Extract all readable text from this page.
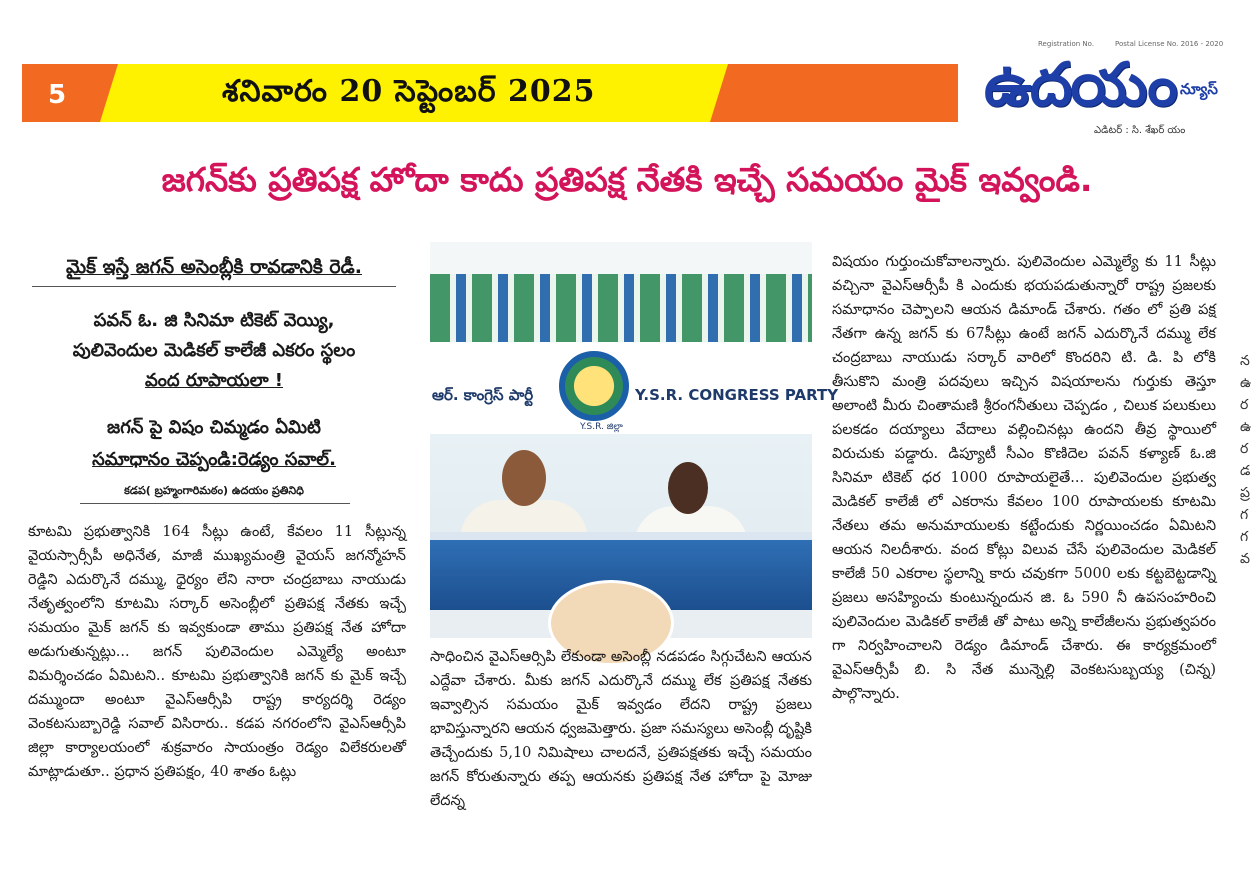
5	శనివారం 20 సెప్టెంబర్ 2025
Registration No.	Postal License No. 2016 - 2020
ఉదయం న్యూస్
ఎడిటర్ : సి. శేఖర్ యం
జగన్‌కు ప్రతిపక్ష హోదా కాదు ప్రతిపక్ష నేతకి ఇచ్చే సమయం మైక్ ఇవ్వండి.
మైక్ ఇస్తే జగన్ అసెంబ్లీకి రావడానికి రెడీ.
పవన్ ఓ. జి సినిమా టికెట్ వెయ్యి,
పులివెందుల మెడికల్ కాలేజీ ఎకరం స్థలం
వంద రూపాయలా !
జగన్ పై విషం చిమ్మడం ఏమిటి
సమాధానం చెప్పండి:రెడ్యం సవాల్.
కడప( బ్రహ్మంగారిమఠం) ఉదయం ప్రతినిధి
ఆర్. కాంగ్రెస్ పార్టీ	Y.S.R. CONGRESS PARTY
Y.S.R. జిల్లా
కూటమి ప్రభుత్వానికి 164 సీట్లు ఉంటే, కేవలం 11 సీట్లున్న వైయస్సార్సీపీ అధినేత, మాజీ ముఖ్యమంత్రి వైయస్ జగన్మోహన్ రెడ్డిని ఎదుర్కొనే దమ్ము, ధైర్యం లేని నారా చంద్రబాబు నాయుడు నేతృత్వంలోని కూటమి సర్కార్ అసెంబ్లీలో ప్రతిపక్ష నేతకు ఇచ్చే సమయం మైక్ జగన్ కు ఇవ్వకుండా తాము ప్రతిపక్ష నేత హోదా అడుగుతున్నట్లు... జగన్ పులివెందుల ఎమ్మెల్యే అంటూ విమర్శించడం ఏమిటని.. కూటమి ప్రభుత్వానికి జగన్ కు మైక్ ఇచ్చే దమ్ముందా అంటూ వైఎస్ఆర్సీపి రాష్ట్ర కార్యదర్శి రెడ్యం వెంకటసుబ్బారెడ్డి సవాల్ విసిరారు.. కడప నగరంలోని వైఎస్ఆర్సీపి జిల్లా కార్యాలయంలో శుక్రవారం సాయంత్రం రెడ్యం విలేకరులతో మాట్లాడుతూ.. ప్రధాన ప్రతిపక్షం, 40 శాతం ఓట్లు
సాధించిన వైఎస్ఆర్సిపి లేకుండా అసెంబ్లీ నడపడం సిగ్గుచేటని ఆయన ఎద్దేవా చేశారు. మీకు జగన్ ఎదుర్కొనే దమ్ము లేక ప్రతిపక్ష నేతకు ఇవ్వాల్సిన సమయం మైక్ ఇవ్వడం లేదని రాష్ట్ర ప్రజలు భావిస్తున్నారని ఆయన ధ్వజమెత్తారు. ప్రజా సమస్యలు అసెంబ్లీ దృష్టికి తెచ్చేందుకు 5,10 నిమిషాలు చాలదనే, ప్రతిపక్షతకు ఇచ్చే సమయం జగన్ కోరుతున్నారు తప్ప ఆయనకు ప్రతిపక్ష నేత హోదా పై మోజు లేదన్న
విషయం గుర్తుంచుకోవాలన్నారు. పులివెందుల ఎమ్మెల్యే కు 11 సీట్లు వచ్చినా వైఎస్ఆర్సీపీ కి ఎందుకు భయపడుతున్నారో రాష్ట్ర ప్రజలకు సమాధానం చెప్పాలని ఆయన డిమాండ్ చేశారు. గతం లో ప్రతి పక్ష నేతగా ఉన్న జగన్ కు 67సీట్లు ఉంటే జగన్ ఎదుర్కొనే దమ్ము లేక చంద్రబాబు నాయుడు సర్కార్ వారిలో కొందరిని టి. డి. పి లోకి తీసుకొని మంత్రి పదవులు ఇచ్చిన విషయాలను గుర్తుకు తెస్తూ అలాంటి మీరు చింతామణి శ్రీరంగనీతులు చెప్పడం , చిలుక పలుకులు పలకడం దయ్యాలు వేదాలు వల్లించినట్లు ఉందని తీవ్ర స్థాయిలో విరుచుకు పడ్డారు. డిప్యూటీ సీఎం కొణిదెల పవన్ కళ్యాణ్ ఓ.జి సినిమా టికెట్ ధర 1000 రూపాయలైతే... పులివెందుల ప్రభుత్వ మెడికల్ కాలేజీ లో ఎకరాను కేవలం 100 రూపాయలకు కూటమి నేతలు తమ అనుమాయులకు కట్టేందుకు నిర్ణయించడం ఏమిటని ఆయన నిలదీశారు. వంద కోట్లు విలువ చేసే పులివెందుల మెడికల్ కాలేజీ 50 ఎకరాల స్థలాన్ని కారు చవుకగా 5000 లకు కట్టబెట్టడాన్ని ప్రజలు అసహ్యించు కుంటున్నందున జి. ఓ 590 నీ ఉపసంహరించి పులివెందుల మెడికల్ కాలేజీ తో పాటు అన్ని కాలేజీలను ప్రభుత్వపరం గా నిర్వహించాలని రెడ్యం డిమాండ్ చేశారు. ఈ కార్యక్రమంలో వైఎస్ఆర్సీపీ బి. సి నేత మున్నెల్లి వెంకటసుబ్బయ్య (చిన్న) పాల్గొన్నారు.
న ఉ ర ఉ ర డ ప్ర గ గ వ
